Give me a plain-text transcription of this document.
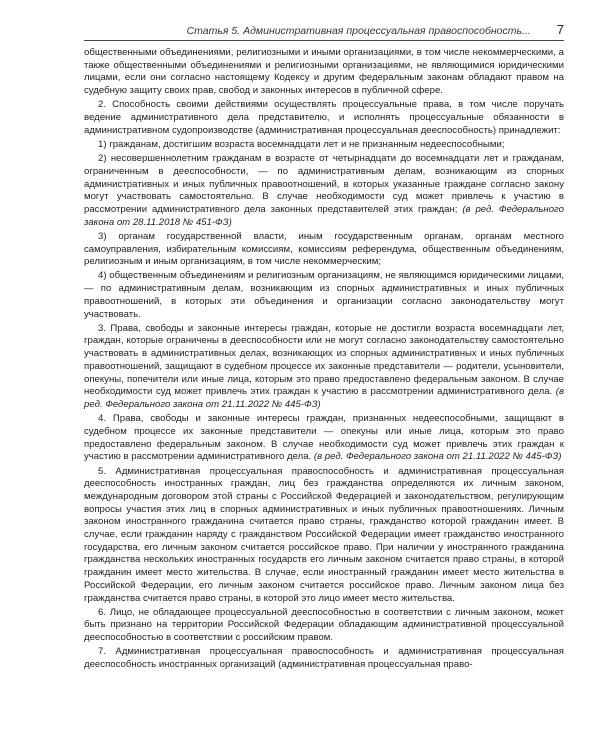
Статья 5. Административная процессуальная правоспособность... 7

общественными объединениями, религиозными и иными организациями, в том числе некоммерческими, а также общественными объединениями и религиозными организациями, не являющимися юридическими лицами, если они согласно настоящему Кодексу и другим федеральным законам обладают правом на судебную защиту своих прав, свобод и законных интересов в публичной сфере.

2. Способность своими действиями осуществлять процессуальные права, в том числе поручать ведение административного дела представителю, и исполнять процессуальные обязанности в административном судопроизводстве (административная процессуальная дееспособность) принадлежит:

1) гражданам, достигшим возраста восемнадцати лет и не признанным недееспособными;

2) несовершеннолетним гражданам в возрасте от четырнадцати до восемнадцати лет и гражданам, ограниченным в дееспособности, — по административным делам, возникающим из спорных административных и иных публичных правоотношений, в которых указанные граждане согласно закону могут участвовать самостоятельно. В случае необходимости суд может привлечь к участию в рассмотрении административного дела законных представителей этих граждан; (в ред. Федерального закона от 28.11.2018 № 451-ФЗ)

3) органам государственной власти, иным государственным органам, органам местного самоуправления, избирательным комиссиям, комиссиям референдума, общественным объединениям, религиозным и иным организациям, в том числе некоммерческим;

4) общественным объединениям и религиозным организациям, не являющимся юридическими лицами, — по административным делам, возникающим из спорных административных и иных публичных правоотношений, в которых эти объединения и организации согласно законодательству могут участвовать.

3. Права, свободы и законные интересы граждан, которые не достигли возраста восемнадцати лет, граждан, которые ограничены в дееспособности или не могут согласно законодательству самостоятельно участвовать в административных делах, возникающих из спорных административных и иных публичных правоотношений, защищают в судебном процессе их законные представители — родители, усыновители, опекуны, попечители или иные лица, которым это право предоставлено федеральным законом. В случае необходимости суд может привлечь этих граждан к участию в рассмотрении административного дела. (в ред. Федерального закона от 21.11.2022 № 445-ФЗ)

4. Права, свободы и законные интересы граждан, признанных недееспособными, защищают в судебном процессе их законные представители — опекуны или иные лица, которым это право предоставлено федеральным законом. В случае необходимости суд может привлечь этих граждан к участию в рассмотрении административного дела. (в ред. Федерального закона от 21.11.2022 № 445-ФЗ)

5. Административная процессуальная правоспособность и административная процессуальная дееспособность иностранных граждан, лиц без гражданства определяются их личным законом, международным договором этой страны с Российской Федерацией и законодательством, регулирующим вопросы участия этих лиц в спорных административных и иных публичных правоотношениях. Личным законом иностранного гражданина считается право страны, гражданство которой гражданин имеет. В случае, если гражданин наряду с гражданством Российской Федерации имеет гражданство иностранного государства, его личным законом считается российское право. При наличии у иностранного гражданина гражданства нескольких иностранных государств его личным законом считается право страны, в которой гражданин имеет место жительства. В случае, если иностранный гражданин имеет место жительства в Российской Федерации, его личным законом считается российское право. Личным законом лица без гражданства считается право страны, в которой это лицо имеет место жительства.

6. Лицо, не обладающее процессуальной дееспособностью в соответствии с личным законом, может быть признано на территории Российской Федерации обладающим административной процессуальной дееспособностью в соответствии с российским правом.

7. Административная процессуальная правоспособность и административная процессуальная дееспособность иностранных организаций (административная процессуальная право-
